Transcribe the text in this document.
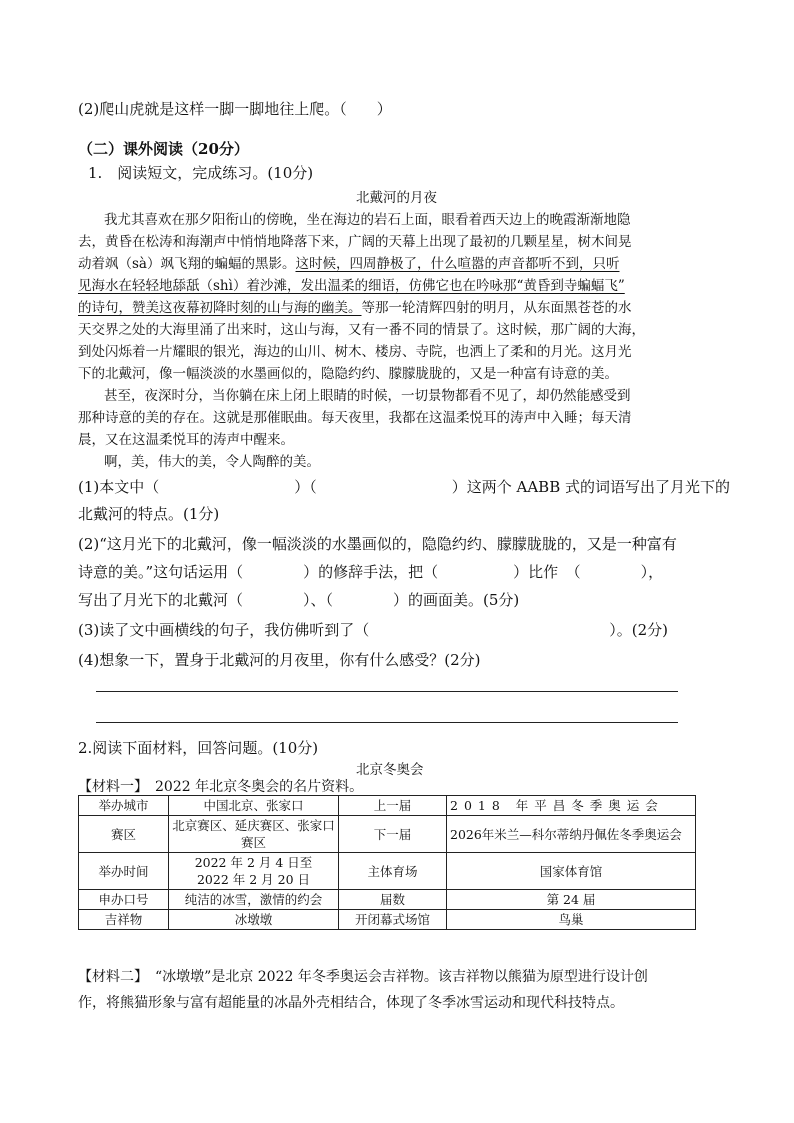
(2)爬山虎就是这样一脚一脚地往上爬。（　　）
（二）课外阅读（20分）
1.　阅读短文，完成练习。(10分)
北戴河的月夜
我尤其喜欢在那夕阳衔山的傍晚，坐在海边的岩石上面，眼看着西天边上的晚霞渐渐地隐
去，黄昏在松涛和海潮声中悄悄地降落下来，广阔的天幕上出现了最初的几颗星星，树木间晃
动着飒（sà）飒飞翔的蝙蝠的黑影。这时候，四周静极了，什么喧嚣的声音都听不到，只听
见海水在轻轻地舔舐（shì）着沙滩，发出温柔的细语，仿佛它也在吟咏那“黄昏到寺蝙蝠飞”
的诗句，赞美这夜幕初降时刻的山与海的幽美。等那一轮清辉四射的明月，从东面黑苍苍的水
天交界之处的大海里涌了出来时，这山与海，又有一番不同的情景了。这时候，那广阔的大海，
到处闪烁着一片耀眼的银光，海边的山川、树木、楼房、寺院，也洒上了柔和的月光。这月光
下的北戴河，像一幅淡淡的水墨画似的，隐隐约约、朦朦胧胧的，又是一种富有诗意的美。
甚至，夜深时分，当你躺在床上闭上眼睛的时候，一切景物都看不见了，却仍然能感受到
那种诗意的美的存在。这就是那催眠曲。每天夜里，我都在这温柔悦耳的涛声中入睡；每天清
晨，又在这温柔悦耳的涛声中醒来。
啊，美，伟大的美，令人陶醉的美。
(1)本文中（　　　　　　　　　）（　　　　　　　　　）这两个 AABB 式的词语写出了月光下的
北戴河的特点。(1分)
(2)“这月光下的北戴河，像一幅淡淡的水墨画似的，隐隐约约、朦朦胧胧的，又是一种富有
诗意的美。”这句话运用（　　　　）的修辞手法，把（　　　　　）比作　（　　　　），
写出了月光下的北戴河（　　　　）、（　　　　）的画面美。(5分)
(3)读了文中画横线的句子，我仿佛听到了（　　　　　　　　　　　　　　　　）。(2分)
(4)想象一下，置身于北戴河的月夜里，你有什么感受？(2分)
2.阅读下面材料，回答问题。(10分)
北京冬奥会
【材料一】　2022 年北京冬奥会的名片资料。
举办城市	中国北京、张家口	上一届	2018 年平昌冬季奥运会
赛区	北京赛区、延庆赛区、张家口赛区	下一届	2026年米兰—科尔蒂纳丹佩佐冬季奥运会
举办时间	2022 年 2 月 4 日至 2022 年 2 月 20 日	主体育场	国家体育馆
申办口号	纯洁的冰雪，激情的约会	届数	第 24 届
吉祥物	冰墩墩	开闭幕式场馆	鸟巢
【材料二】　“冰墩墩”是北京 2022 年冬季奥运会吉祥物。该吉祥物以熊猫为原型进行设计创
作，将熊猫形象与富有超能量的冰晶外壳相结合，体现了冬季冰雪运动和现代科技特点。
